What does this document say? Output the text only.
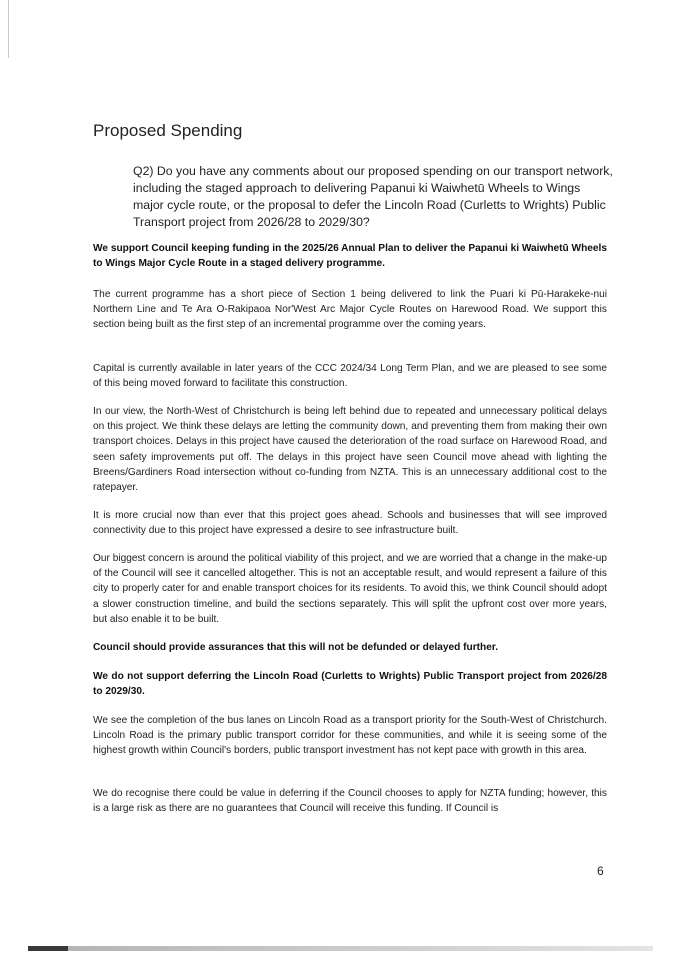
Proposed Spending

Q2) Do you have any comments about our proposed spending on our transport network, including the staged approach to delivering Papanui ki Waiwhetū Wheels to Wings major cycle route, or the proposal to defer the Lincoln Road (Curletts to Wrights) Public Transport project from 2026/28 to 2029/30?

We support Council keeping funding in the 2025/26 Annual Plan to deliver the Papanui ki Waiwhetū Wheels to Wings Major Cycle Route in a staged delivery programme.

The current programme has a short piece of Section 1 being delivered to link the Puari ki Pū-Harakeke-nui Northern Line and Te Ara O-Rakipaoa Nor'West Arc Major Cycle Routes on Harewood Road. We support this section being built as the first step of an incremental programme over the coming years.

Capital is currently available in later years of the CCC 2024/34 Long Term Plan, and we are pleased to see some of this being moved forward to facilitate this construction.

In our view, the North-West of Christchurch is being left behind due to repeated and unnecessary political delays on this project. We think these delays are letting the community down, and preventing them from making their own transport choices. Delays in this project have caused the deterioration of the road surface on Harewood Road, and seen safety improvements put off. The delays in this project have seen Council move ahead with lighting the Breens/Gardiners Road intersection without co-funding from NZTA. This is an unnecessary additional cost to the ratepayer.

It is more crucial now than ever that this project goes ahead. Schools and businesses that will see improved connectivity due to this project have expressed a desire to see infrastructure built.

Our biggest concern is around the political viability of this project, and we are worried that a change in the make-up of the Council will see it cancelled altogether. This is not an acceptable result, and would represent a failure of this city to properly cater for and enable transport choices for its residents. To avoid this, we think Council should adopt a slower construction timeline, and build the sections separately. This will split the upfront cost over more years, but also enable it to be built.

Council should provide assurances that this will not be defunded or delayed further.

We do not support deferring the Lincoln Road (Curletts to Wrights) Public Transport project from 2026/28 to 2029/30.

We see the completion of the bus lanes on Lincoln Road as a transport priority for the South-West of Christchurch. Lincoln Road is the primary public transport corridor for these communities, and while it is seeing some of the highest growth within Council's borders, public transport investment has not kept pace with growth in this area.

We do recognise there could be value in deferring if the Council chooses to apply for NZTA funding; however, this is a large risk as there are no guarantees that Council will receive this funding. If Council is

6
